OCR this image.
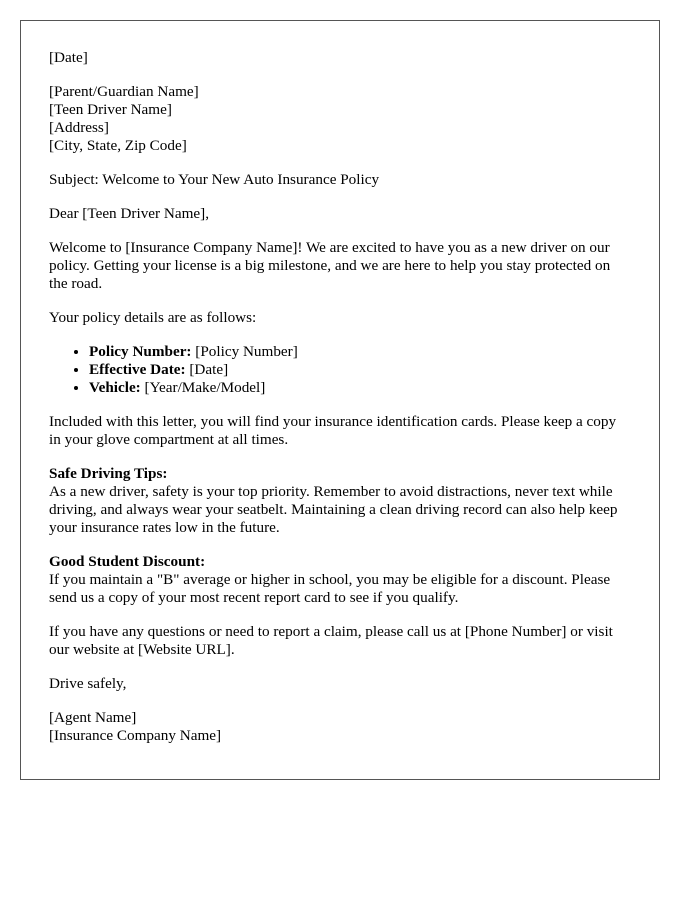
[Date]

[Parent/Guardian Name]
[Teen Driver Name]
[Address]
[City, State, Zip Code]

Subject: Welcome to Your New Auto Insurance Policy

Dear [Teen Driver Name],

Welcome to [Insurance Company Name]! We are excited to have you as a new driver on our policy. Getting your license is a big milestone, and we are here to help you stay protected on the road.

Your policy details are as follows:

• Policy Number: [Policy Number]
• Effective Date: [Date]
• Vehicle: [Year/Make/Model]

Included with this letter, you will find your insurance identification cards. Please keep a copy in your glove compartment at all times.

Safe Driving Tips:
As a new driver, safety is your top priority. Remember to avoid distractions, never text while driving, and always wear your seatbelt. Maintaining a clean driving record can also help keep your insurance rates low in the future.

Good Student Discount:
If you maintain a "B" average or higher in school, you may be eligible for a discount. Please send us a copy of your most recent report card to see if you qualify.

If you have any questions or need to report a claim, please call us at [Phone Number] or visit our website at [Website URL].

Drive safely,

[Agent Name]
[Insurance Company Name]
